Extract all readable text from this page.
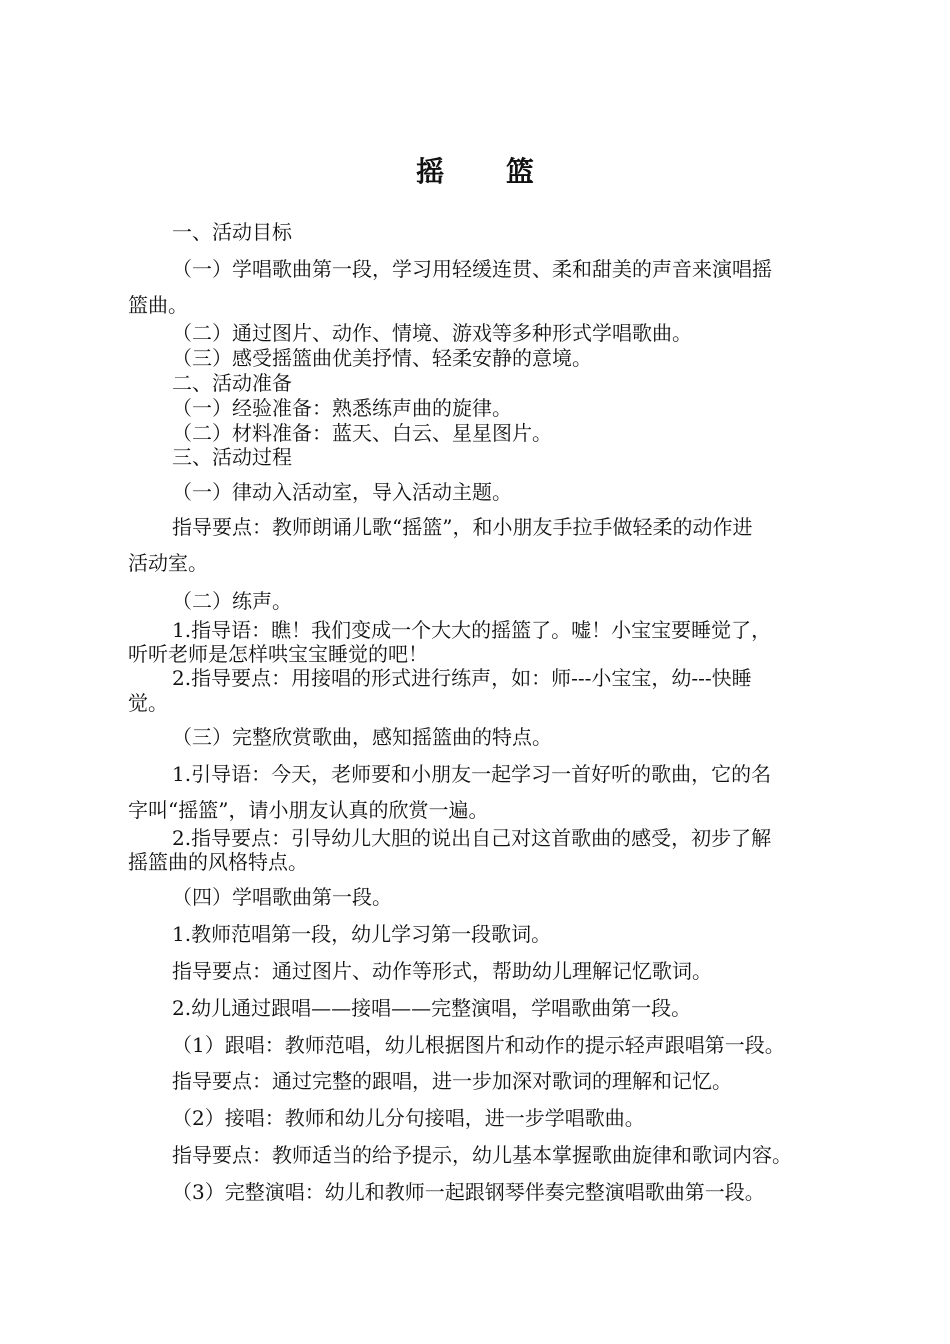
摇 篮

一、活动目标

（一）学唱歌曲第一段，学习用轻缓连贯、柔和甜美的声音来演唱摇

篮曲。

（二）通过图片、动作、情境、游戏等多种形式学唱歌曲。

（三）感受摇篮曲优美抒情、轻柔安静的意境。

二、活动准备

（一）经验准备：熟悉练声曲的旋律。

（二）材料准备：蓝天、白云、星星图片。

三、活动过程

（一）律动入活动室，导入活动主题。

指导要点：教师朗诵儿歌“摇篮”，和小朋友手拉手做轻柔的动作进

活动室。

（二）练声。

1.指导语：瞧！我们变成一个大大的摇篮了。嘘！小宝宝要睡觉了，

听听老师是怎样哄宝宝睡觉的吧！

2.指导要点：用接唱的形式进行练声，如：师---小宝宝，幼---快睡

觉。

（三）完整欣赏歌曲，感知摇篮曲的特点。

1.引导语：今天，老师要和小朋友一起学习一首好听的歌曲，它的名

字叫“摇篮”，请小朋友认真的欣赏一遍。

2.指导要点：引导幼儿大胆的说出自己对这首歌曲的感受，初步了解

摇篮曲的风格特点。

（四）学唱歌曲第一段。

1.教师范唱第一段，幼儿学习第一段歌词。

指导要点：通过图片、动作等形式，帮助幼儿理解记忆歌词。

2.幼儿通过跟唱——接唱——完整演唱，学唱歌曲第一段。

（1）跟唱：教师范唱，幼儿根据图片和动作的提示轻声跟唱第一段。

指导要点：通过完整的跟唱，进一步加深对歌词的理解和记忆。

（2）接唱：教师和幼儿分句接唱，进一步学唱歌曲。

指导要点：教师适当的给予提示，幼儿基本掌握歌曲旋律和歌词内容。

（3）完整演唱：幼儿和教师一起跟钢琴伴奏完整演唱歌曲第一段。
